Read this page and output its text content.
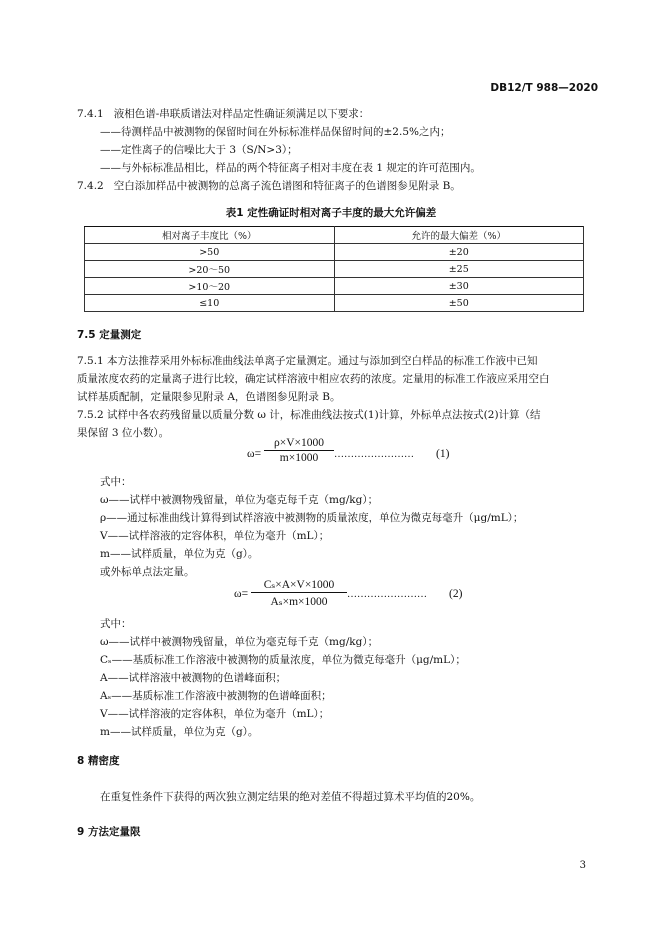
DB12/T 988—2020
7.4.1 液相色谱-串联质谱法对样品定性确证须满足以下要求：
——待测样品中被测物的保留时间在外标标准样品保留时间的±2.5%之内；
——定性离子的信噪比大于 3（S/N>3）；
——与外标标准品相比，样品的两个特征离子相对丰度在表 1 规定的许可范围内。
7.4.2 空白添加样品中被测物的总离子流色谱图和特征离子的色谱图参见附录 B。
表1 定性确证时相对离子丰度的最大允许偏差
相对离子丰度比（%）	允许的最大偏差（%）
>50	±20
>20～50	±25
>10～20	±30
≤10	±50
7.5 定量测定
7.5.1 本方法推荐采用外标标准曲线法单离子定量测定。通过与添加到空白样品的标准工作液中已知
质量浓度农药的定量离子进行比较，确定试样溶液中相应农药的浓度。定量用的标准工作液应采用空白
试样基质配制，定量限参见附录 A，色谱图参见附录 B。
7.5.2 试样中各农药残留量以质量分数 ω 计，标准曲线法按式(1)计算，外标单点法按式(2)计算（结
果保留 3 位小数）。
$\omega= \frac{\rho\times V\times 1000}{m\times 1000}$ …………………… (1)
式中：
ω——试样中被测物残留量，单位为毫克每千克（mg/kg）；
ρ——通过标准曲线计算得到试样溶液中被测物的质量浓度，单位为微克每毫升（μg/mL）；
V——试样溶液的定容体积，单位为毫升（mL）；
m——试样质量，单位为克（g）。
或外标单点法定量。
$\omega= \frac{\text{Cₛ×A×V×1000}}{\text{Aₛ×m×1000}}$ …………………… (2)
式中：
ω——试样中被测物残留量，单位为毫克每千克（mg/kg）；
Cₛ——基质标准工作溶液中被测物的质量浓度，单位为微克每毫升（μg/mL）；
A——试样溶液中被测物的色谱峰面积；
Aₛ——基质标准工作溶液中被测物的色谱峰面积；
V——试样溶液的定容体积，单位为毫升（mL）；
m——试样质量，单位为克（g）。
8 精密度
在重复性条件下获得的两次独立测定结果的绝对差值不得超过算术平均值的20%。
9 方法定量限
3
